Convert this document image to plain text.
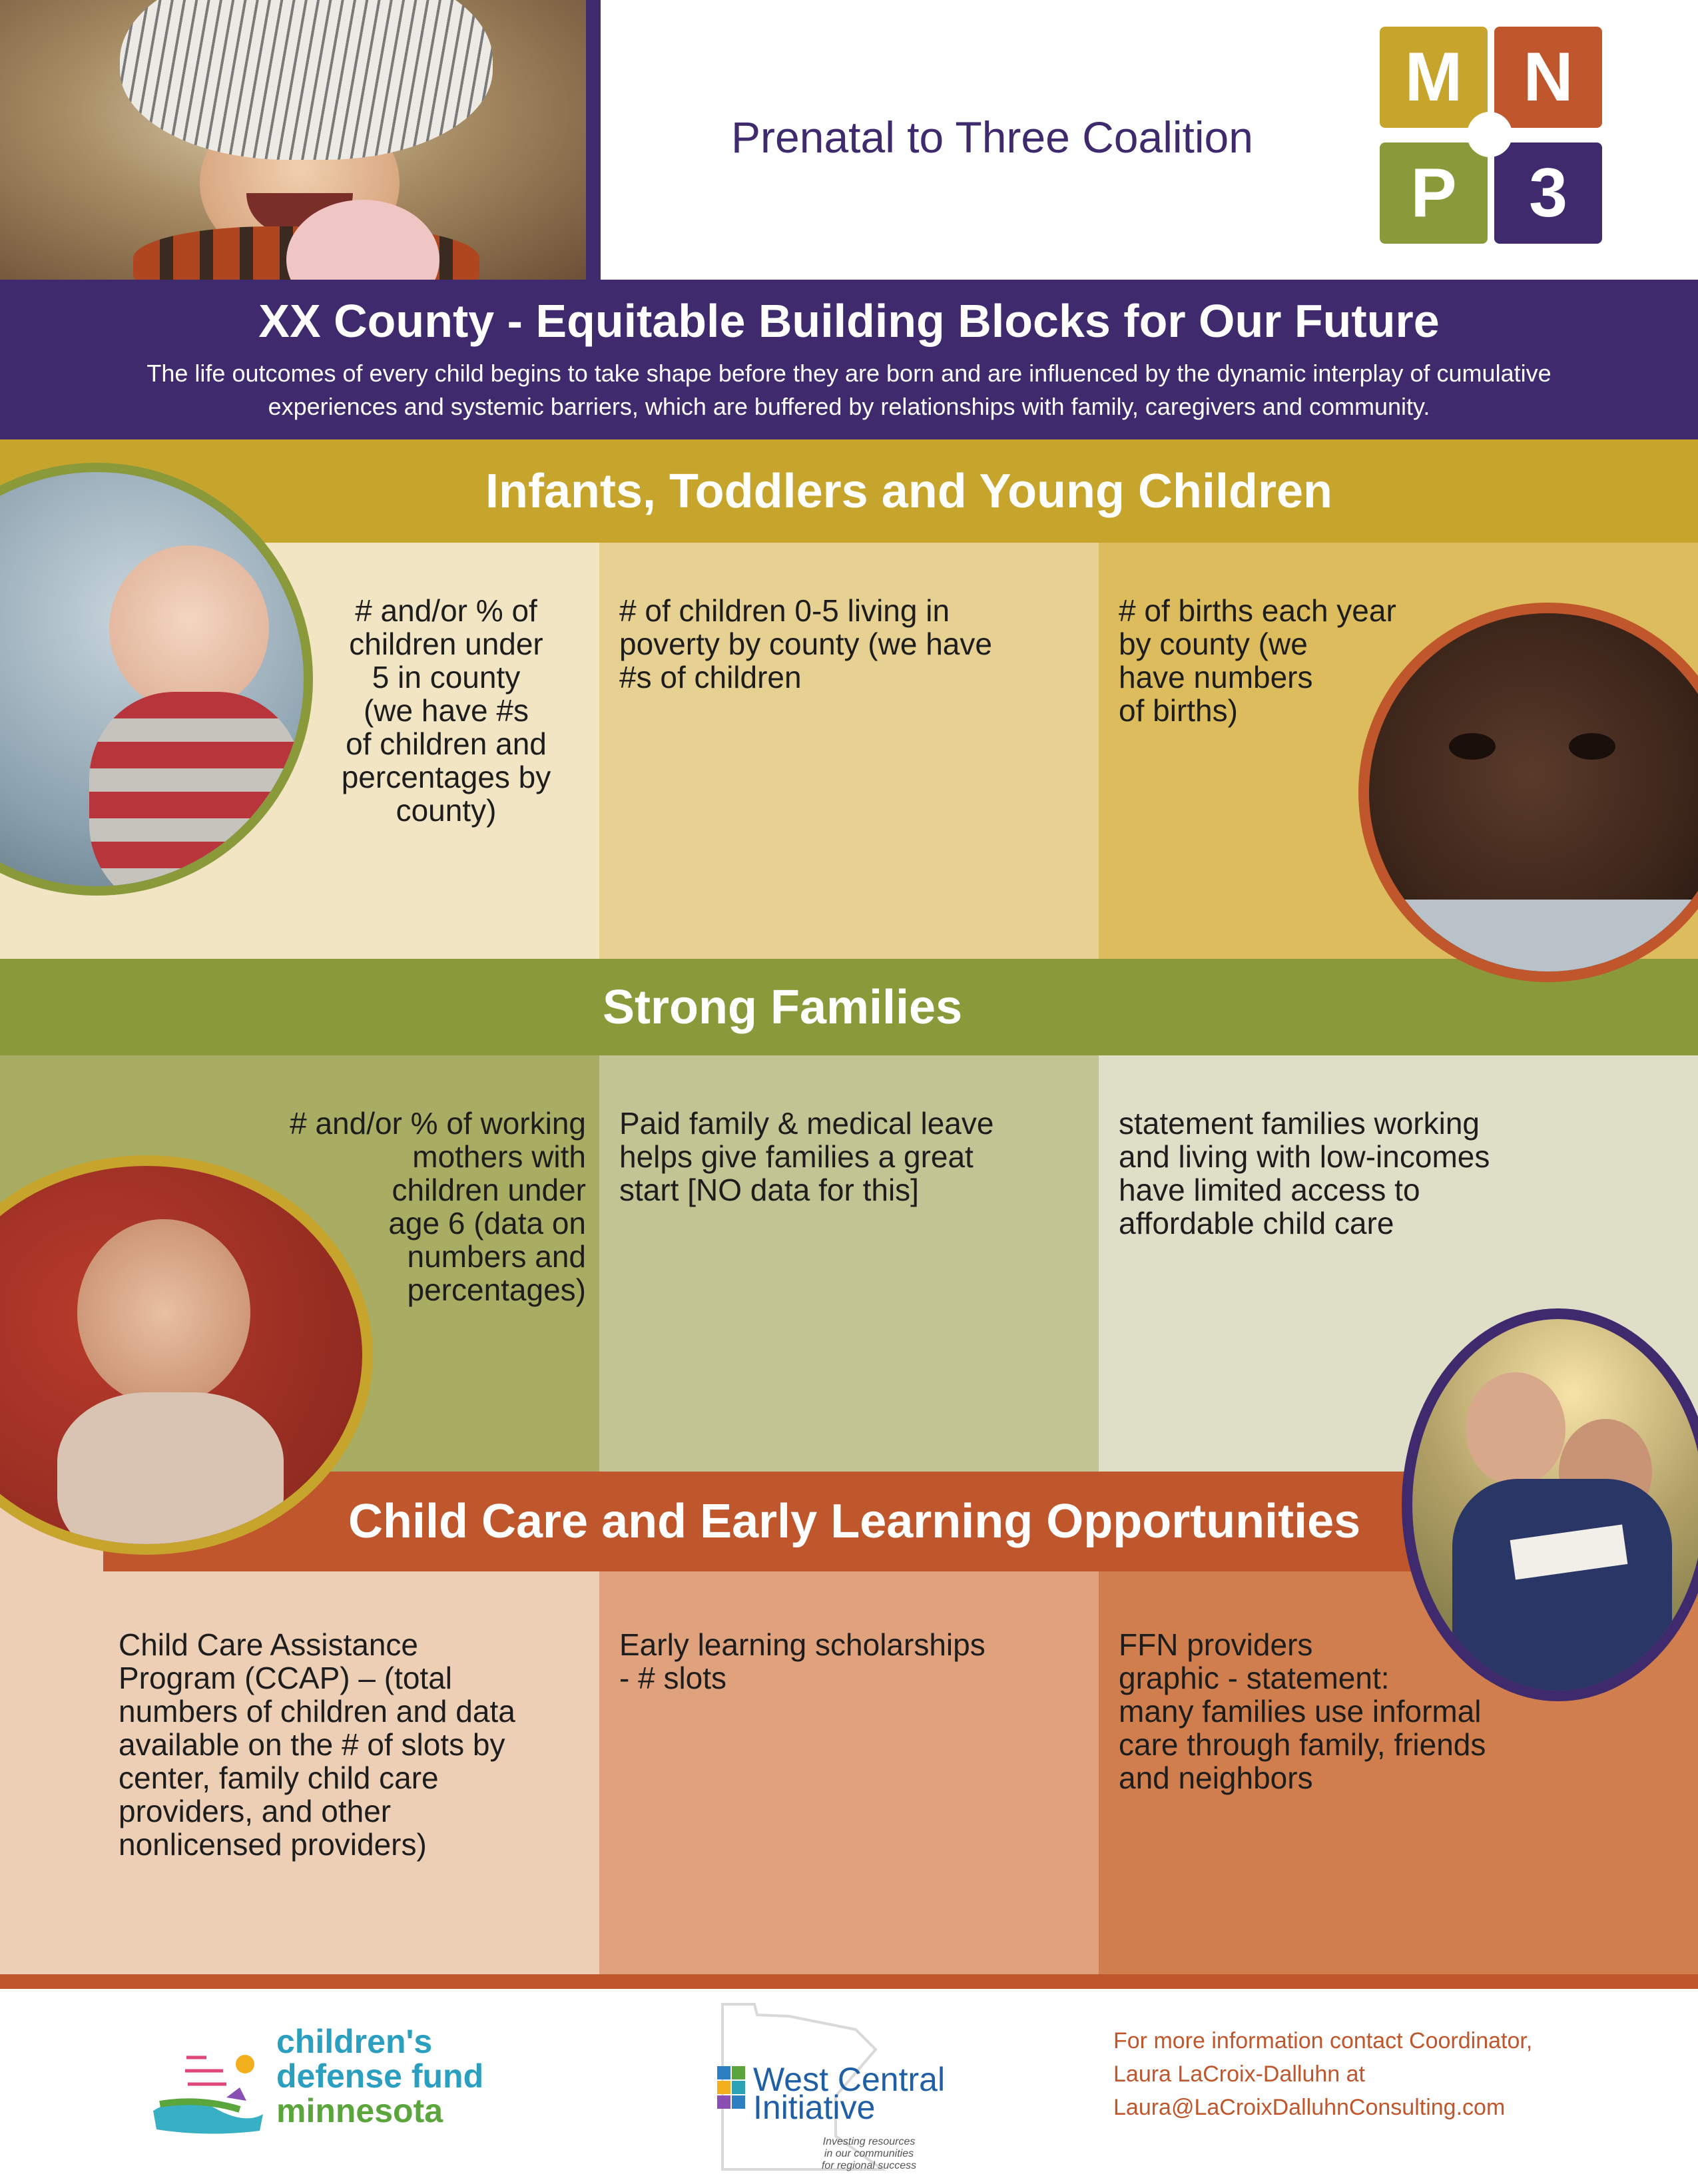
Prenatal to Three Coalition
M N
P	3
XX County - Equitable Building Blocks for Our Future

The life outcomes of every child begins to take shape before they are born and are influenced by the dynamic interplay of cumulative experiences and systemic barriers, which are buffered by relationships with family, caregivers and community.

Infants, Toddlers and Young Children
# and/or % of
children under
5 in county
(we have #s
of children and
percentages by
county)
# of children 0-5 living in
poverty by county (we have
#s of children
# of births each year
by county (we
have numbers
of births)
Strong Families
# and/or % of working
mothers with
children under
age 6 (data on
numbers and
percentages)
Paid family & medical leave
helps give families a great
start [NO data for this]
statement families working
and living with low-incomes
have limited access to
affordable child care
Child Care and Early Learning Opportunities
Child Care Assistance
Program (CCAP) – (total
numbers of children and data
available on the # of slots by
center, family child care
providers, and other
nonlicensed providers)
Early learning scholarships
- # slots
FFN providers
graphic - statement:
many families use informal
care through family, friends
and neighbors
children's
defense fund
minnesota
West Central
Initiative
Investing resources
in our communities
for regional success
For more information contact Coordinator,
Laura LaCroix-Dalluhn at
Laura@LaCroixDalluhnConsulting.com
